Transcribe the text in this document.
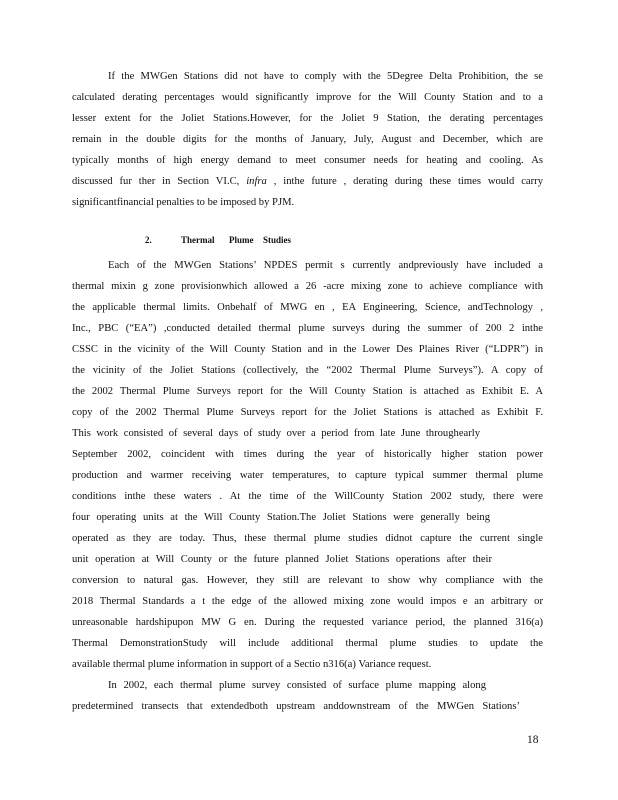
If the MWGen Stations did not have to comply with the 5Degree Delta Prohibition, the se
calculated derating percentages would significantly improve for the Will County Station and to a
lesser extent for the Joliet Stations.However, for the Joliet 9 Station, the derating percentages
remain in the double digits for the months of January, July, August and December, which are
typically months of high energy demand to meet consumer needs for heating and cooling. As
discussed fur ther in Section VI.C, infra , inthe future , derating during these times would carry
significantfinancial penalties to be imposed by PJM.
2.	Thermal Plume Studies
Each of the MWGen Stations’ NPDES permit s currently andpreviously have included a
thermal mixin g zone provisionwhich allowed a 26 -acre mixing zone to achieve compliance with
the applicable thermal limits. Onbehalf of MWG en , EA Engineering, Science, andTechnology ,
Inc., PBC (“EA”) ,conducted detailed thermal plume surveys during the summer of 200 2 inthe
CSSC in the vicinity of the Will County Station and in the Lower Des Plaines River (“LDPR”) in
the vicinity of the Joliet Stations (collectively, the “2002 Thermal Plume Surveys”). A copy of
the 2002 Thermal Plume Surveys report for the Will County Station is attached as Exhibit E. A
copy of the 2002 Thermal Plume Surveys report for the Joliet Stations is attached as Exhibit F.
This work consisted of several days of study over a period from late June throughearly
September 2002, coincident with times during the year of historically higher station power
production and warmer receiving water temperatures, to capture typical summer thermal plume
conditions inthe these waters . At the time of the WillCounty Station 2002 study, there were
four operating units at the Will County Station.The Joliet Stations were generally being
operated as they are today. Thus, these thermal plume studies didnot capture the current single
unit operation at Will County or the future planned Joliet Stations operations after their
conversion to natural gas. However, they still are relevant to show why compliance with the
2018 Thermal Standards a t the edge of the allowed mixing zone would impos e an arbitrary or
unreasonable hardshipupon MW G en. During the requested variance period, the planned 316(a)
Thermal DemonstrationStudy will include additional thermal plume studies to update the
available thermal plume information in support of a Sectio n316(a) Variance request.
In 2002, each thermal plume survey consisted of surface plume mapping along
predetermined transects that extendedboth upstream anddownstream of the MWGen Stations’
18
